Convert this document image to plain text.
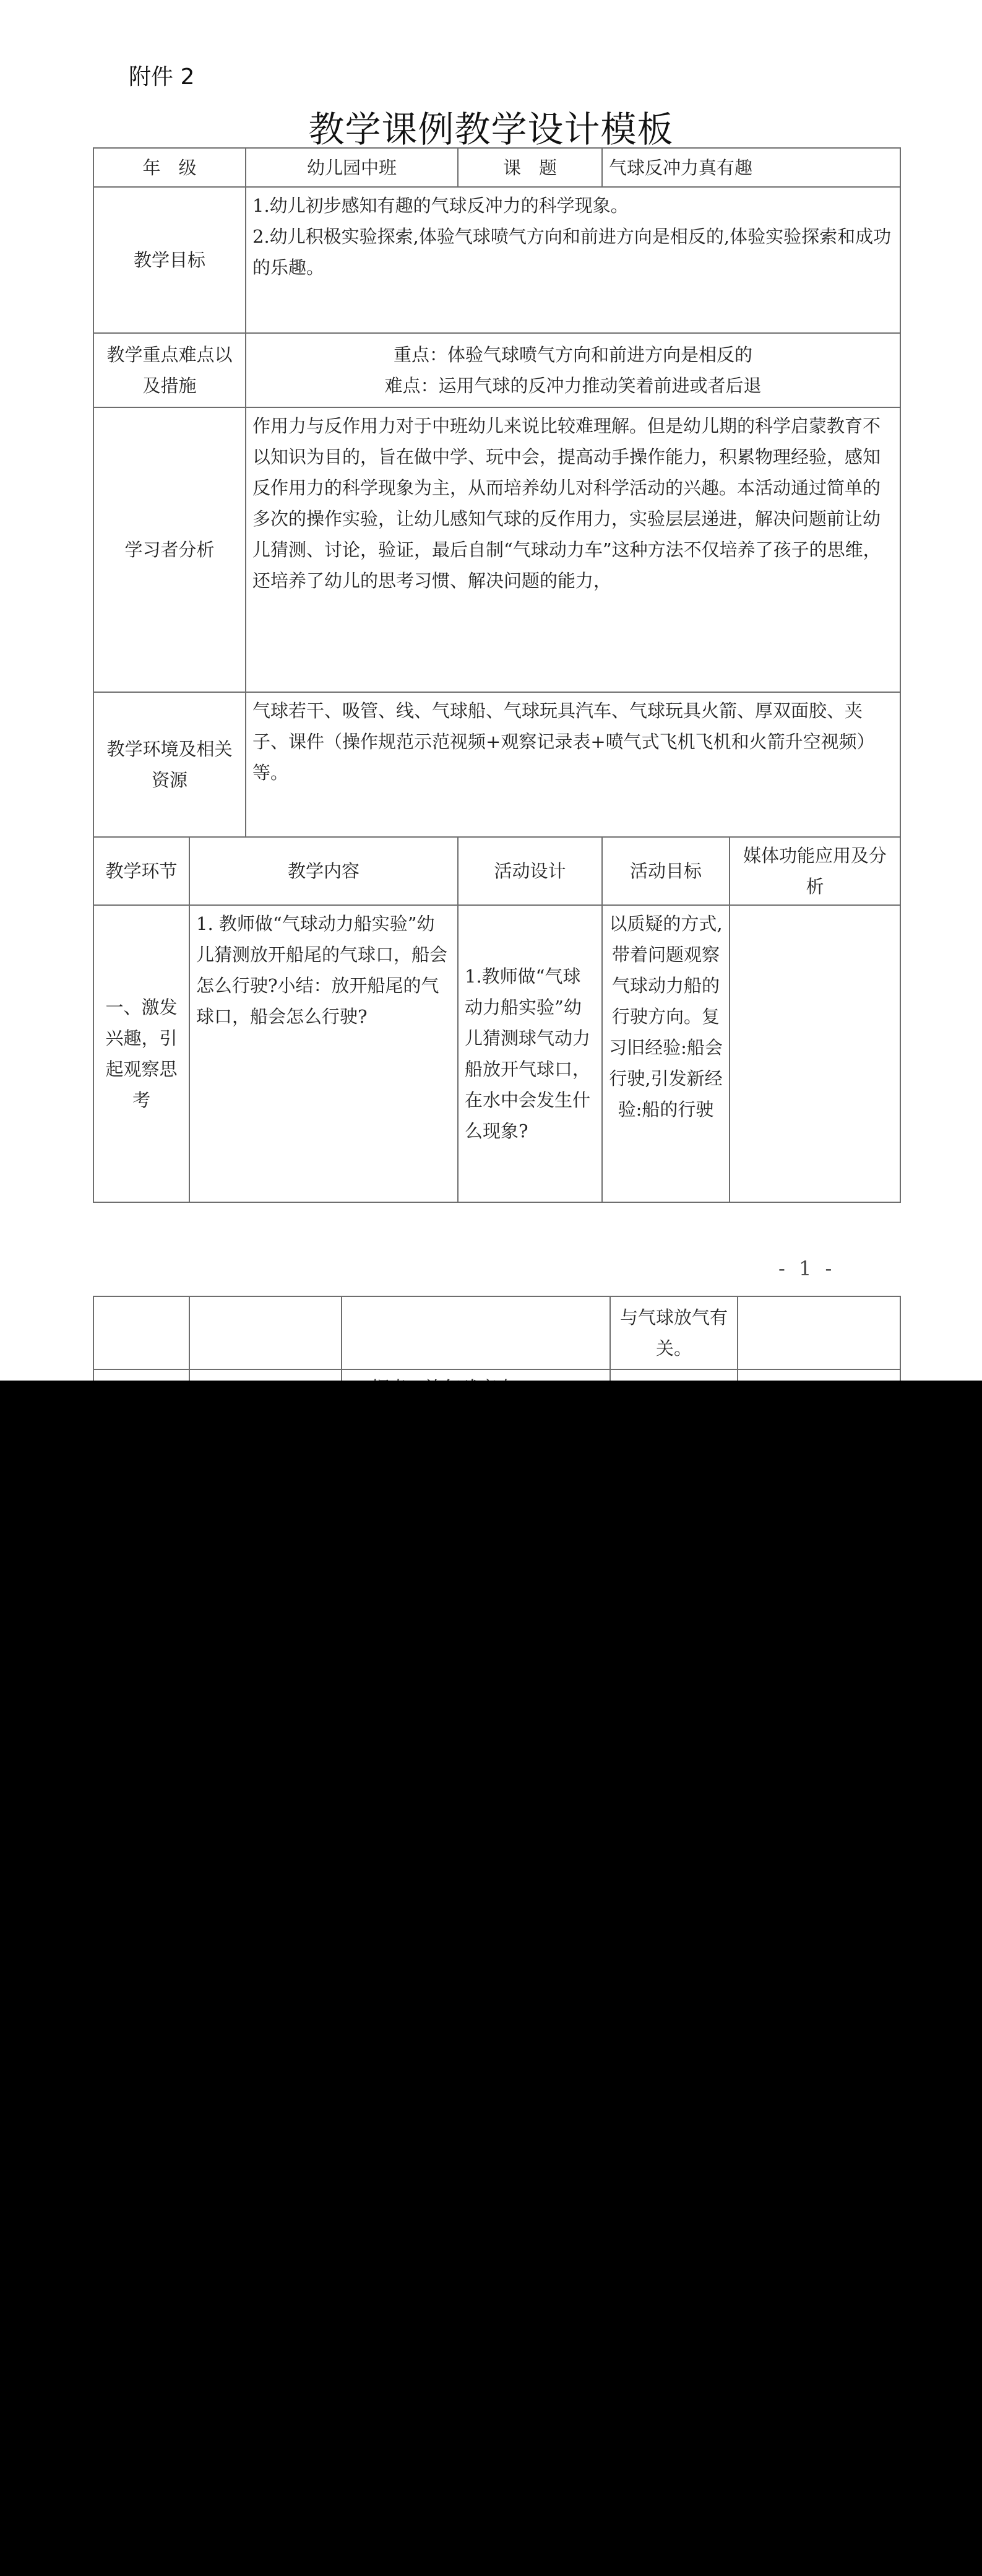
附件 2
教学课例教学设计模板
年　级		幼儿园中班	课　题	气球反冲力真有趣	
教学目标		1.幼儿初步感知有趣的气球反冲力的科学现象。
2.幼儿积极实验探索,体验气球喷气方向和前进方向是相反的,体验实验探索和成功的乐趣。			

教学重点难点以及措施		重点：体验气球喷气方向和前进方向是相反的
难点：运用气球的反冲力推动笑着前进或者后退			

学习者分析		作用力与反作用力对于中班幼儿来说比较难理解。但是幼儿期的科学启蒙教育不以知识为目的，旨在做中学、玩中会，提高动手操作能力，积累物理经验，感知反作用力的科学现象为主，从而培养幼儿对科学活动的兴趣。本活动通过简单的多次的操作实验，让幼儿感知气球的反作用力，实验层层递进，解决问题前让幼儿猜测、讨论，验证，最后自制“气球动力车”这种方法不仅培养了孩子的思维，还培养了幼儿的思考习惯、解决问题的能力，			
教学环境及相关资源		气球若干、吸管、线、气球船、气球玩具汽车、气球玩具火箭、厚双面胶、夹子、课件（操作规范示范视频+观察记录表+喷气式飞机飞机和火箭升空视频）等。			
教学环节	教学内容		活动设计	活动目标	媒体功能应用及分析
一、激发兴趣，引起观察思考	1. 教师做“气球动力船实验”幼儿猜测放开船尾的气球口，船会怎么行驶?小结：放开船尾的气球口，船会怎么行驶?		1.教师做“气球动力船实验”幼儿猜测球气动力船放开气球口，在水中会发生什么现象?	以质疑的方式,带着问题观察气球动力船的行驶方向。复习旧经验:船会行驶,引发新经验:船的行驶	
- 1 -
			与气球放气有关。	
